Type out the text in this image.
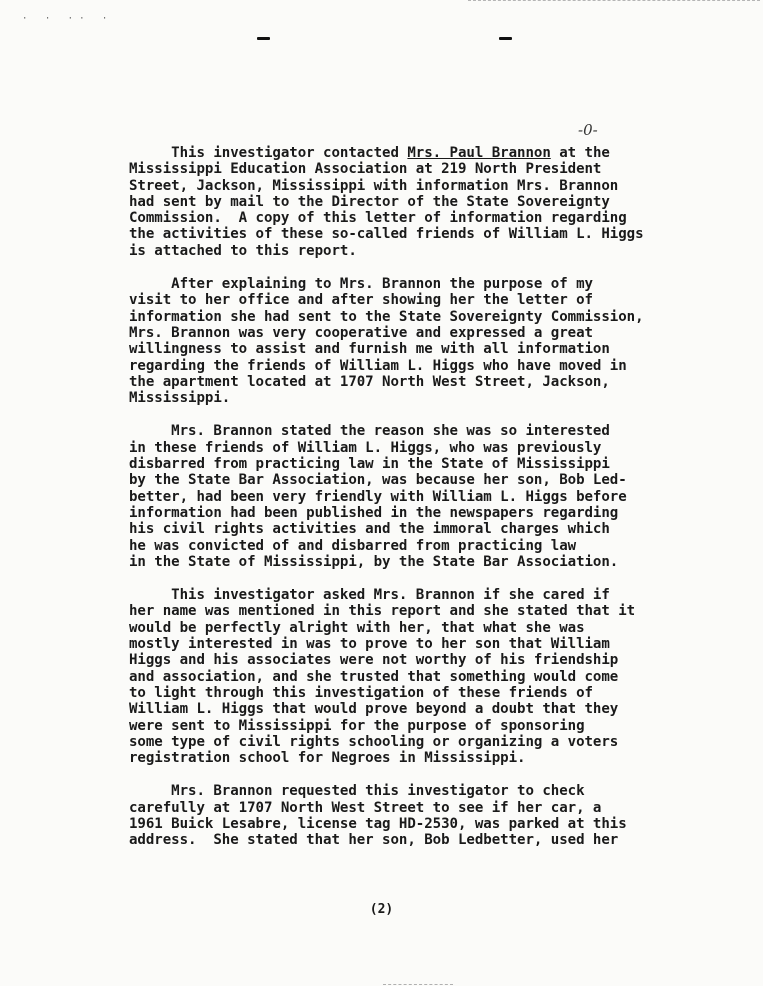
· · ·· ·
-0-
This investigator contacted Mrs. Paul Brannon at the
Mississippi Education Association at 219 North President
Street, Jackson, Mississippi with information Mrs. Brannon
had sent by mail to the Director of the State Sovereignty
Commission.  A copy of this letter of information regarding
the activities of these so-called friends of William L. Higgs
is attached to this report.
After explaining to Mrs. Brannon the purpose of my
visit to her office and after showing her the letter of
information she had sent to the State Sovereignty Commission,
Mrs. Brannon was very cooperative and expressed a great
willingness to assist and furnish me with all information
regarding the friends of William L. Higgs who have moved in
the apartment located at 1707 North West Street, Jackson,
Mississippi.
Mrs. Brannon stated the reason she was so interested
in these friends of William L. Higgs, who was previously
disbarred from practicing law in the State of Mississippi
by the State Bar Association, was because her son, Bob Led-
better, had been very friendly with William L. Higgs before
information had been published in the newspapers regarding
his civil rights activities and the immoral charges which
he was convicted of and disbarred from practicing law
in the State of Mississippi, by the State Bar Association.
This investigator asked Mrs. Brannon if she cared if
her name was mentioned in this report and she stated that it
would be perfectly alright with her, that what she was
mostly interested in was to prove to her son that William
Higgs and his associates were not worthy of his friendship
and association, and she trusted that something would come
to light through this investigation of these friends of
William L. Higgs that would prove beyond a doubt that they
were sent to Mississippi for the purpose of sponsoring
some type of civil rights schooling or organizing a voters
registration school for Negroes in Mississippi.
Mrs. Brannon requested this investigator to check
carefully at 1707 North West Street to see if her car, a
1961 Buick Lesabre, license tag HD-2530, was parked at this
address.  She stated that her son, Bob Ledbetter, used her
(2)
